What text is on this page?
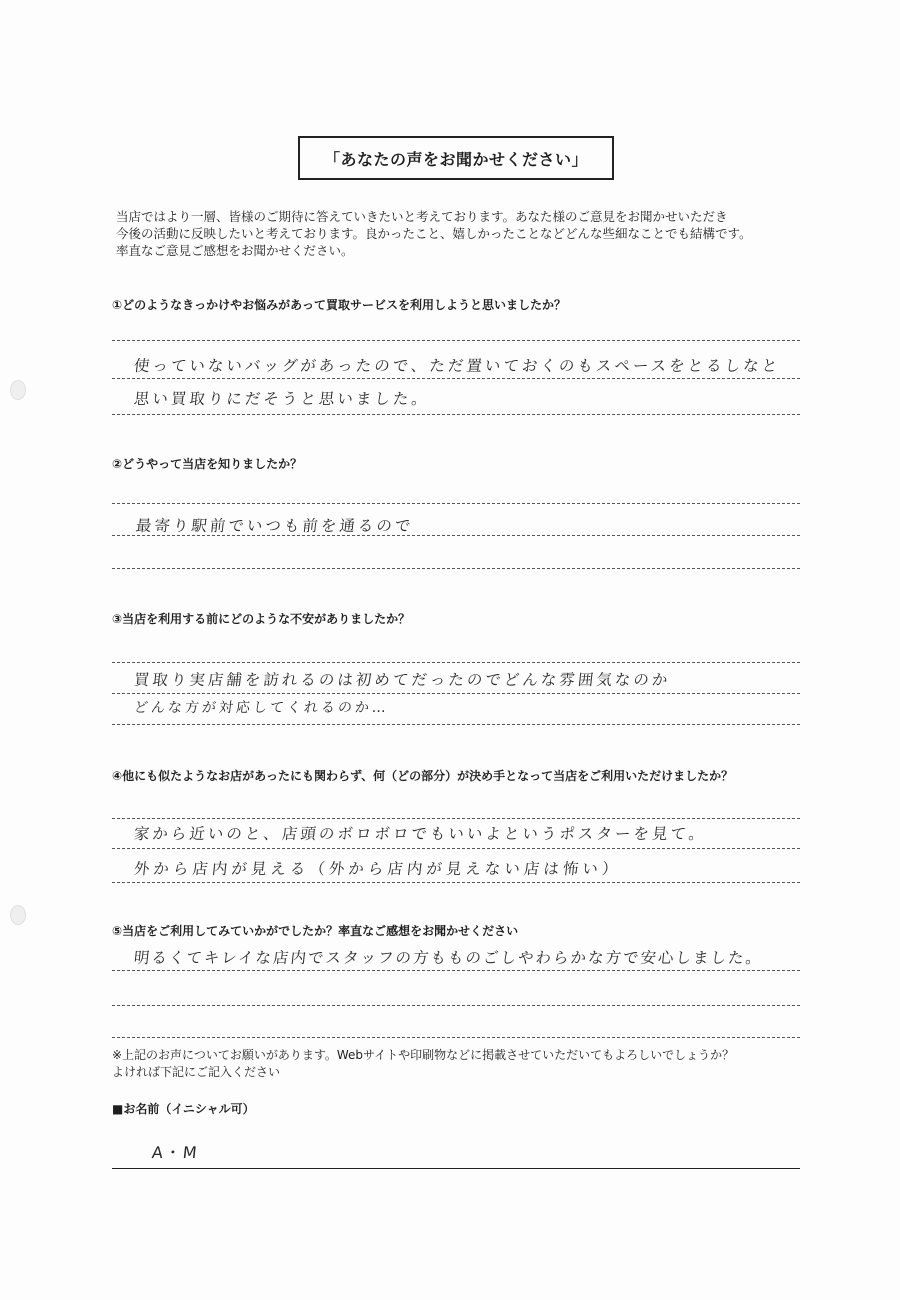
「あなたの声をお聞かせください」
当店ではより一層、皆様のご期待に答えていきたいと考えております。あなた様のご意見をお聞かせいただき
今後の活動に反映したいと考えております。良かったこと、嬉しかったことなどどんな些細なことでも結構です。
率直なご意見ご感想をお聞かせください。
①どのようなきっかけやお悩みがあって買取サービスを利用しようと思いましたか？
使っていないバッグがあったので、ただ置いておくのもスペースをとるしなと
思い買取りにだそうと思いました。
②どうやって当店を知りましたか？
最寄り駅前でいつも前を通るので
③当店を利用する前にどのような不安がありましたか？
買取り実店舗を訪れるのは初めてだったのでどんな雰囲気なのか
どんな方が対応してくれるのか…
④他にも似たようなお店があったにも関わらず、何（どの部分）が決め手となって当店をご利用いただけましたか？
家から近いのと、店頭のボロボロでもいいよというポスターを見て。
外から店内が見える（外から店内が見えない店は怖い）
⑤当店をご利用してみていかがでしたか？率直なご感想をお聞かせください
明るくてキレイな店内でスタッフの方もものごしやわらかな方で安心しました。
※上記のお声についてお願いがあります。Webサイトや印刷物などに掲載させていただいてもよろしいでしょうか？
よければ下記にご記入ください
■お名前（イニシャル可）
A・M
